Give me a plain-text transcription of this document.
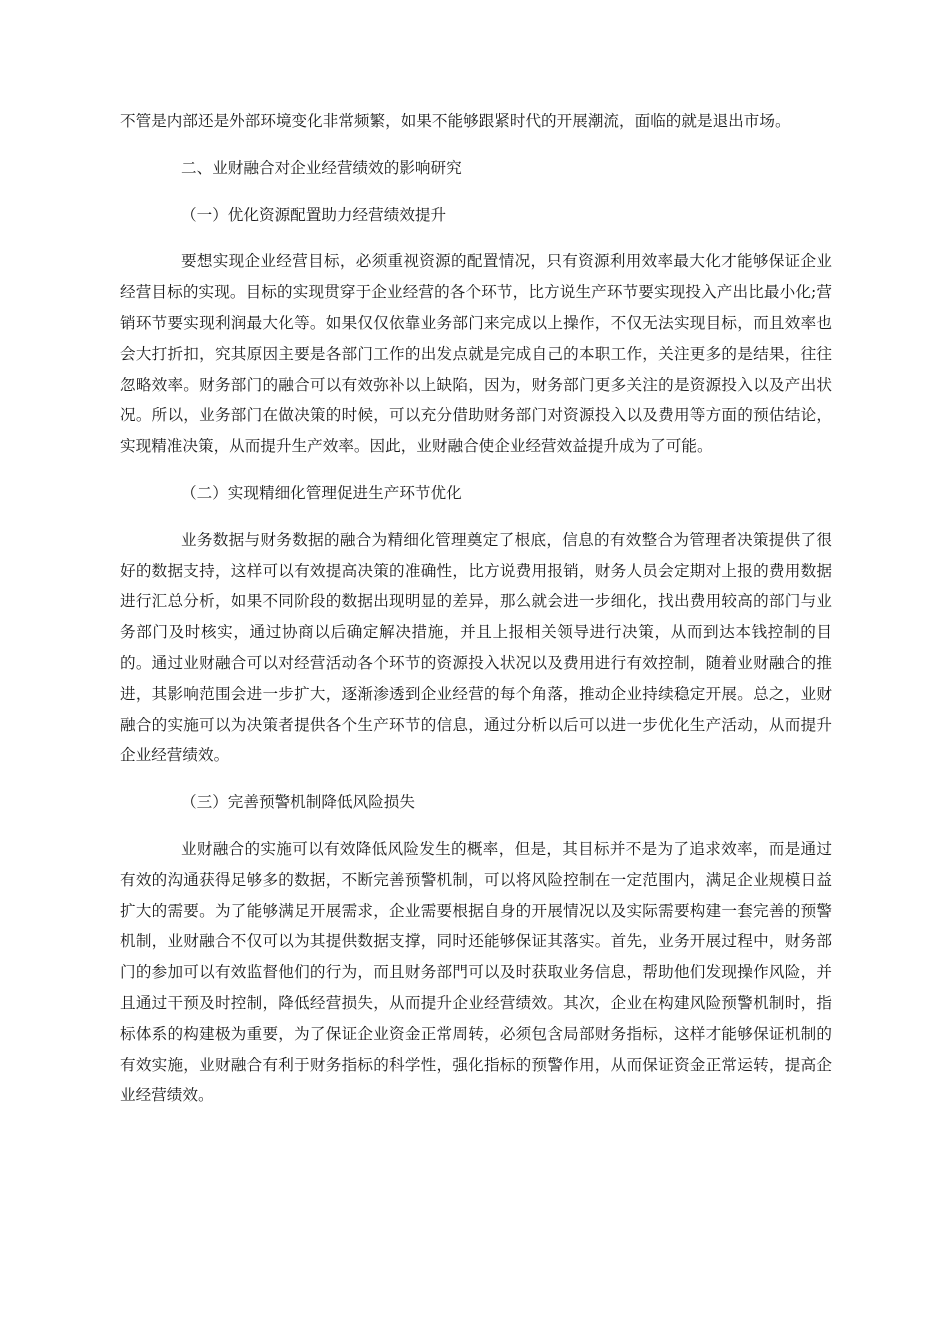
不管是内部还是外部环境变化非常频繁，如果不能够跟紧时代的开展潮流，面临的就是退出市场。

二、业财融合对企业经营绩效的影响研究

（一）优化资源配置助力经营绩效提升

要想实现企业经营目标，必须重视资源的配置情况，只有资源利用效率最大化才能够保证企业经营目标的实现。目标的实现贯穿于企业经营的各个环节，比方说生产环节要实现投入产出比最小化;营销环节要实现利润最大化等。如果仅仅依靠业务部门来完成以上操作，不仅无法实现目标，而且效率也会大打折扣，究其原因主要是各部门工作的出发点就是完成自己的本职工作，关注更多的是结果，往往忽略效率。财务部门的融合可以有效弥补以上缺陷，因为，财务部门更多关注的是资源投入以及产出状况。所以，业务部门在做决策的时候，可以充分借助财务部门对资源投入以及费用等方面的预估结论，实现精准决策，从而提升生产效率。因此，业财融合使企业经营效益提升成为了可能。

（二）实现精细化管理促进生产环节优化

业务数据与财务数据的融合为精细化管理奠定了根底，信息的有效整合为管理者决策提供了很好的数据支持，这样可以有效提高决策的准确性，比方说费用报销，财务人员会定期对上报的费用数据进行汇总分析，如果不同阶段的数据出现明显的差异，那么就会进一步细化，找出费用较高的部门与业务部门及时核实，通过协商以后确定解决措施，并且上报相关领导进行决策，从而到达本钱控制的目的。通过业财融合可以对经营活动各个环节的资源投入状况以及费用进行有效控制，随着业财融合的推进，其影响范围会进一步扩大，逐渐渗透到企业经营的每个角落，推动企业持续稳定开展。总之，业财融合的实施可以为决策者提供各个生产环节的信息，通过分析以后可以进一步优化生产活动，从而提升企业经营绩效。

（三）完善预警机制降低风险损失

业财融合的实施可以有效降低风险发生的概率，但是，其目标并不是为了追求效率，而是通过有效的沟通获得足够多的数据，不断完善预警机制，可以将风险控制在一定范围内，满足企业规模日益扩大的需要。为了能够满足开展需求，企业需要根据自身的开展情况以及实际需要构建一套完善的预警机制，业财融合不仅可以为其提供数据支撑，同时还能够保证其落实。首先，业务开展过程中，财务部门的参加可以有效监督他们的行为，而且财务部門可以及时获取业务信息，帮助他们发现操作风险，并且通过干预及时控制，降低经营损失，从而提升企业经营绩效。其次，企业在构建风险预警机制时，指标体系的构建极为重要，为了保证企业资金正常周转，必须包含局部财务指标，这样才能够保证机制的有效实施，业财融合有利于财务指标的科学性，强化指标的预警作用，从而保证资金正常运转，提高企业经营绩效。
